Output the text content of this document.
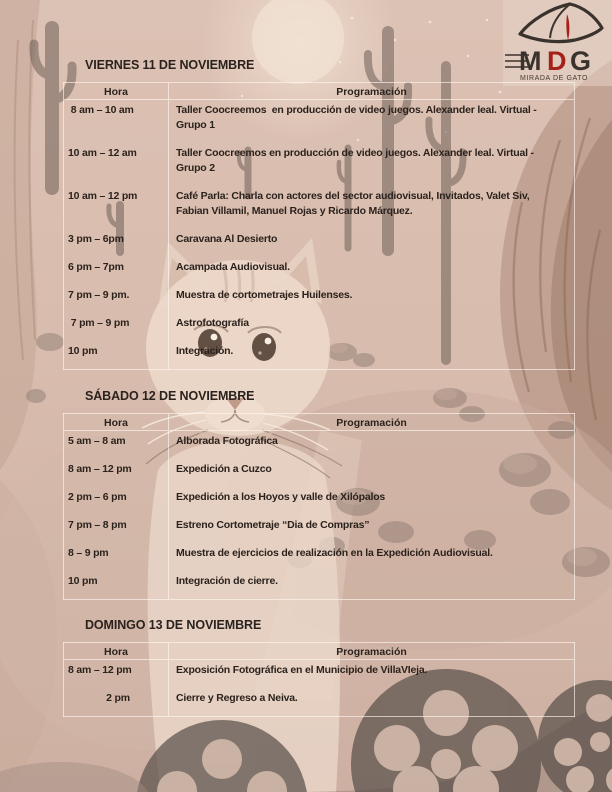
M D G
MIRADA DE GATO
VIERNES 11 DE NOVIEMBRE
Hora	Programación
8 am – 10 am	Taller Coocreemos  en producción de video juegos. Alexander leal. Virtual -
Grupo 1
10 am – 12 am	Taller Coocreemos en producción de video juegos. Alexander leal. Virtual -
Grupo 2
10 am – 12 pm	Café Parla: Charla con actores del sector audiovisual, Invitados, Valet Siv,
Fabian Villamil, Manuel Rojas y Ricardo Márquez.
3 pm – 6pm	Caravana Al Desierto
6 pm – 7pm	Acampada Audiovisual.
7 pm – 9 pm.	Muestra de cortometrajes Huilenses.
7 pm – 9 pm	Astrofotografía
10 pm	Integración.
SÁBADO 12 DE NOVIEMBRE
Hora	Programación
5 am – 8 am	Alborada Fotográfica
8 am – 12 pm	Expedición a Cuzco
2 pm – 6 pm	Expedición a los Hoyos y valle de Xilópalos
7 pm – 8 pm	Estreno Cortometraje “Dia de Compras”
8 – 9 pm	Muestra de ejercicios de realización en la Expedición Audiovisual.
10 pm	Integración de cierre.
DOMINGO 13 DE NOVIEMBRE
Hora	Programación
8 am – 12 pm	Exposición Fotográfica en el Municipio de VillaVIeja.
2 pm	Cierre y Regreso a Neiva.
